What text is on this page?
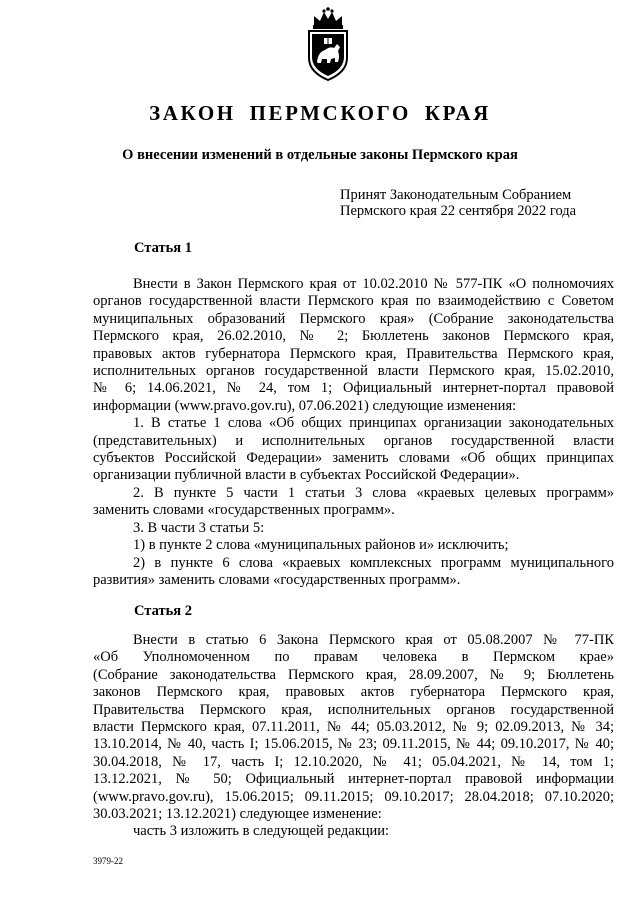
ЗАКОН ПЕРМСКОГО КРАЯ
О внесении изменений в отдельные законы Пермского края
Принят Законодательным Собранием
Пермского края 22 сентября 2022 года
Статья 1

Внести в Закон Пермского края от 10.02.2010 № 577-ПК «О полномочиях

органов государственной власти Пермского края по взаимодействию с Советом

муниципальных образований Пермского края» (Собрание законодательства

Пермского края, 26.02.2010, № 2; Бюллетень законов Пермского края,

правовых актов губернатора Пермского края, Правительства Пермского края,

исполнительных органов государственной власти Пермского края, 15.02.2010,

№ 6; 14.06.2021, № 24, том 1; Официальный интернет-портал правовой

информации (www.pravo.gov.ru), 07.06.2021) следующие изменения:

1. В статье 1 слова «Об общих принципах организации законодательных

(представительных) и исполнительных органов государственной власти

субъектов Российской Федерации» заменить словами «Об общих принципах

организации публичной власти в субъектах Российской Федерации».

2. В пункте 5 части 1 статьи 3 слова «краевых целевых программ»

заменить словами «государственных программ».

3. В части 3 статьи 5:

1) в пункте 2 слова «муниципальных районов и» исключить;

2) в пункте 6 слова «краевых комплексных программ муниципального

развития» заменить словами «государственных программ».

Статья 2

Внести в статью 6 Закона Пермского края от 05.08.2007 № 77-ПК

«Об Уполномоченном по правам человека в Пермском крае»

(Собрание законодательства Пермского края, 28.09.2007, № 9; Бюллетень

законов Пермского края, правовых актов губернатора Пермского края,

Правительства Пермского края, исполнительных органов государственной

власти Пермского края, 07.11.2011, № 44; 05.03.2012, № 9; 02.09.2013, № 34;

13.10.2014, № 40, часть I; 15.06.2015, № 23; 09.11.2015, № 44; 09.10.2017, № 40;

30.04.2018, № 17, часть I; 12.10.2020, № 41; 05.04.2021, № 14, том 1;

13.12.2021, № 50; Официальный интернет-портал правовой информации

(www.pravo.gov.ru), 15.06.2015; 09.11.2015; 09.10.2017; 28.04.2018; 07.10.2020;

30.03.2021; 13.12.2021) следующее изменение:

часть 3 изложить в следующей редакции:

3979-22
